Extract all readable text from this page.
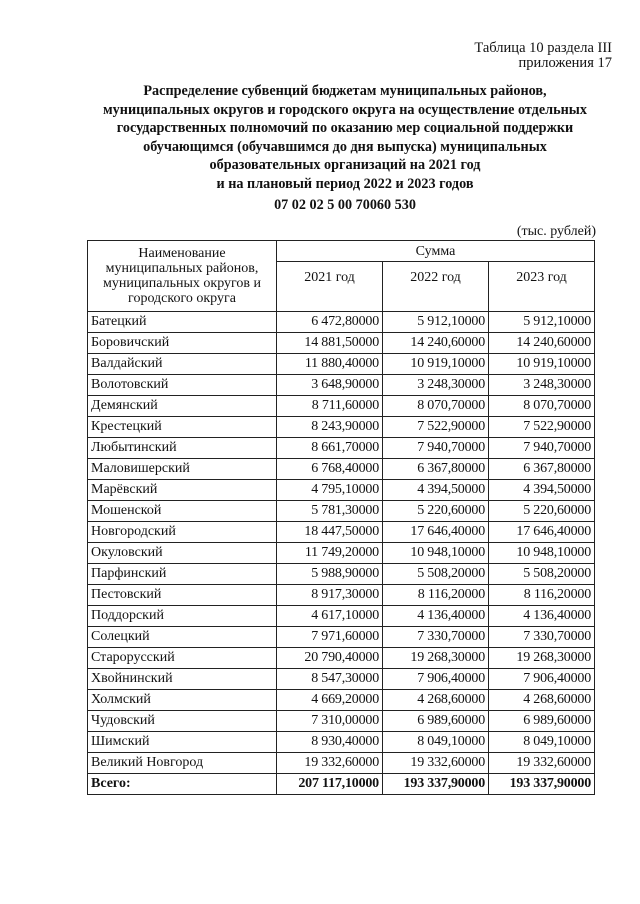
Таблица 10 раздела III
приложения 17
Распределение субвенций бюджетам муниципальных районов,
муниципальных округов и городского округа на осуществление отдельных
государственных полномочий по оказанию мер социальной поддержки
обучающимся (обучавшимся до дня выпуска) муниципальных
образовательных организаций на 2021 год
и на плановый период 2022 и 2023 годов
07 02 02 5 00 70060 530
(тыс. рублей)
Наименование муниципальных районов, муниципальных округов и городского округа	Сумма		
	2021 год	2022 год	2023 год
Батецкий	6 472,80000	5 912,10000	5 912,10000
Боровичский	14 881,50000	14 240,60000	14 240,60000
Валдайский	11 880,40000	10 919,10000	10 919,10000
Волотовский	3 648,90000	3 248,30000	3 248,30000
Демянский	8 711,60000	8 070,70000	8 070,70000
Крестецкий	8 243,90000	7 522,90000	7 522,90000
Любытинский	8 661,70000	7 940,70000	7 940,70000
Маловишерский	6 768,40000	6 367,80000	6 367,80000
Марёвский	4 795,10000	4 394,50000	4 394,50000
Мошенской	5 781,30000	5 220,60000	5 220,60000
Новгородский	18 447,50000	17 646,40000	17 646,40000
Окуловский	11 749,20000	10 948,10000	10 948,10000
Парфинский	5 988,90000	5 508,20000	5 508,20000
Пестовский	8 917,30000	8 116,20000	8 116,20000
Поддорский	4 617,10000	4 136,40000	4 136,40000
Солецкий	7 971,60000	7 330,70000	7 330,70000
Старорусский	20 790,40000	19 268,30000	19 268,30000
Хвойнинский	8 547,30000	7 906,40000	7 906,40000
Холмский	4 669,20000	4 268,60000	4 268,60000
Чудовский	7 310,00000	6 989,60000	6 989,60000
Шимский	8 930,40000	8 049,10000	8 049,10000
Великий Новгород	19 332,60000	19 332,60000	19 332,60000
Всего:	207 117,10000	193 337,90000	193 337,90000
